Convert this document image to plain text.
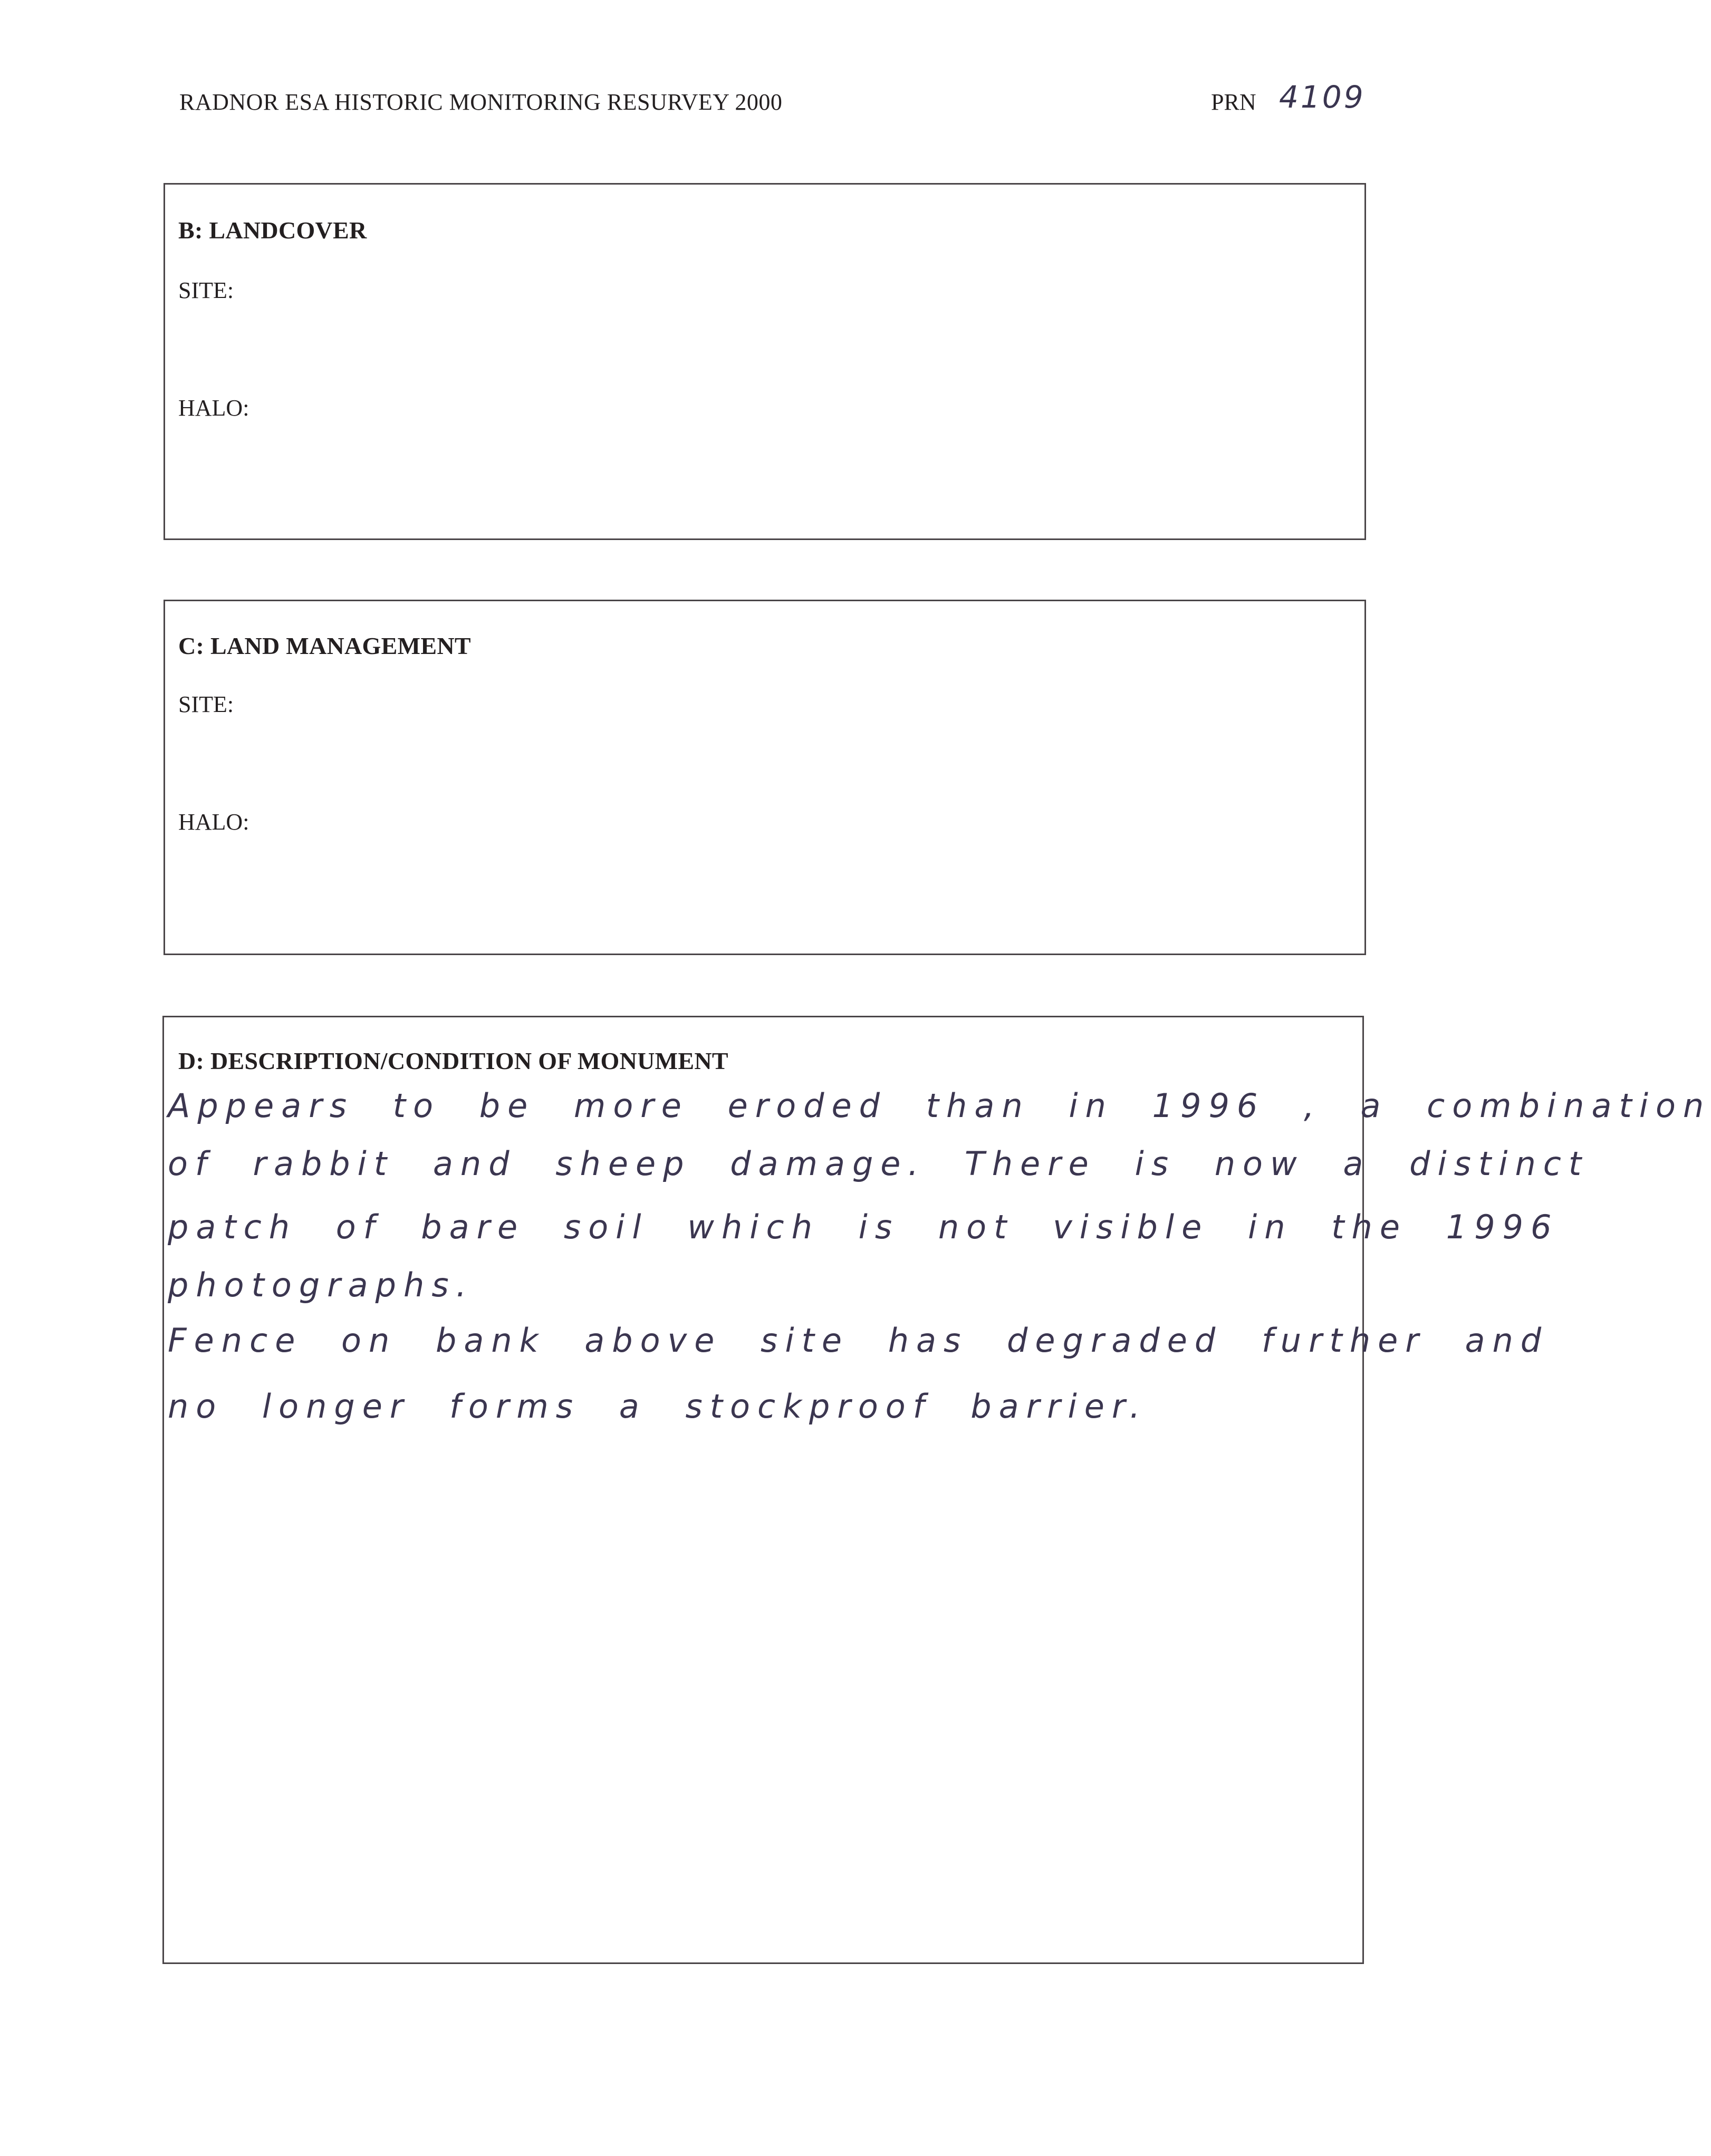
RADNOR ESA HISTORIC MONITORING RESURVEY 2000	PRN 4109
B: LANDCOVER
SITE:
HALO:
C: LAND MANAGEMENT
SITE:
HALO:
D: DESCRIPTION/CONDITION OF MONUMENT
Appears to be more eroded than in 1996 , a combination
of rabbit and sheep damage. There is now a distinct
patch of bare soil which is not visible in the 1996
photographs.
Fence on bank above site has degraded further and
no longer forms a stockproof barrier.
